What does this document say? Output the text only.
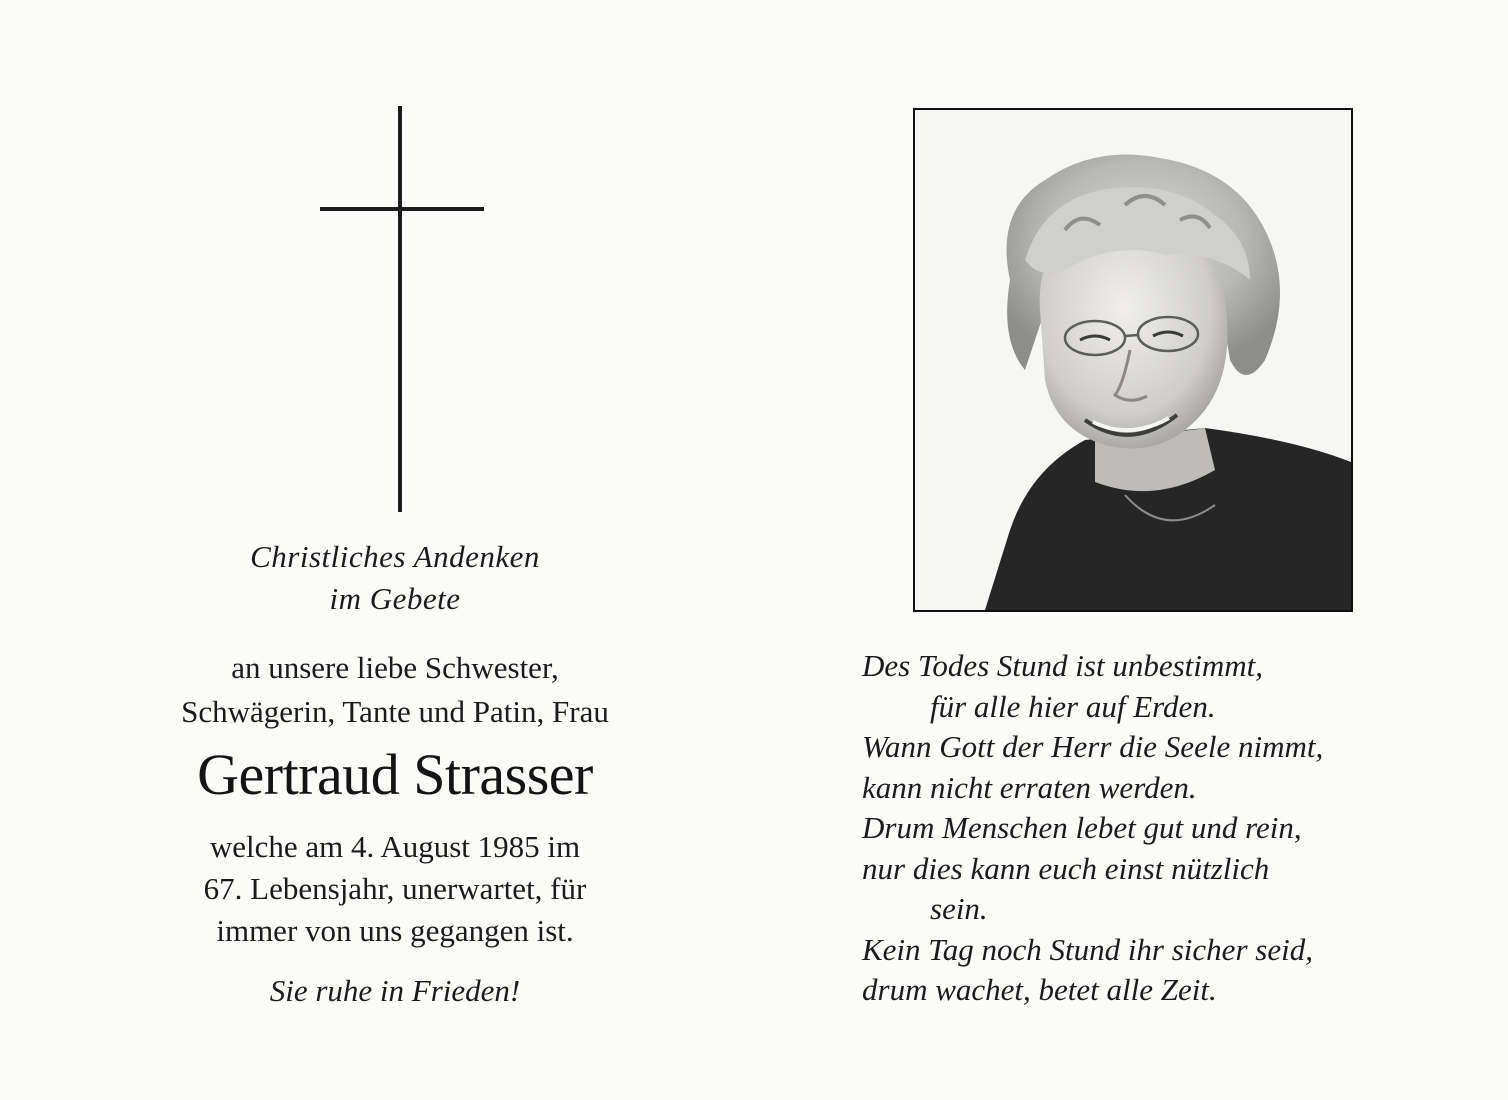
Christliches Andenken
im Gebete
an unsere liebe Schwester,
Schwägerin, Tante und Patin, Frau
Gertraud Strasser
welche am 4. August 1985 im
67. Lebensjahr, unerwartet, für
immer von uns gegangen ist.
Sie ruhe in Frieden!
Des Todes Stund ist unbestimmt,
für alle hier auf Erden.
Wann Gott der Herr die Seele nimmt,
kann nicht erraten werden.
Drum Menschen lebet gut und rein,
nur dies kann euch einst nützlich
sein.
Kein Tag noch Stund ihr sicher seid,
drum wachet, betet alle Zeit.
